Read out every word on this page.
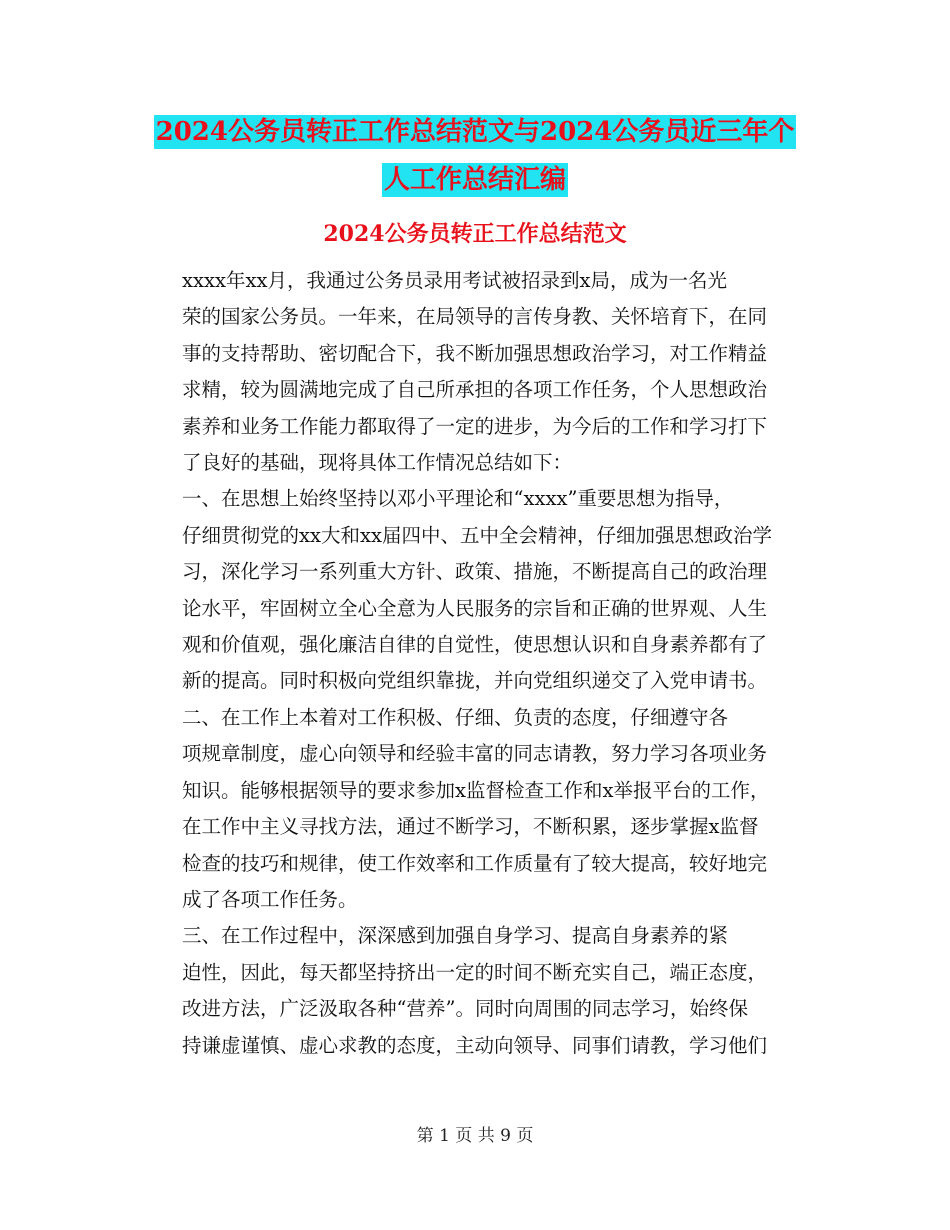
2024公务员转正工作总结范文与2024公务员近三年个
人工作总结汇编
2024公务员转正工作总结范文

xxxx年xx月，我通过公务员录用考试被招录到x局，成为一名光
荣的国家公务员。一年来，在局领导的言传身教、关怀培育下，在同
事的支持帮助、密切配合下，我不断加强思想政治学习，对工作精益
求精，较为圆满地完成了自己所承担的各项工作任务，个人思想政治
素养和业务工作能力都取得了一定的进步，为今后的工作和学习打下
了良好的基础，现将具体工作情况总结如下：

一、在思想上始终坚持以邓小平理论和“xxxx”重要思想为指导，
仔细贯彻党的xx大和xx届四中、五中全会精神，仔细加强思想政治学
习，深化学习一系列重大方针、政策、措施，不断提高自己的政治理
论水平，牢固树立全心全意为人民服务的宗旨和正确的世界观、人生
观和价值观，强化廉洁自律的自觉性，使思想认识和自身素养都有了
新的提高。同时积极向党组织靠拢，并向党组织递交了入党申请书。

二、在工作上本着对工作积极、仔细、负责的态度，仔细遵守各
项规章制度，虚心向领导和经验丰富的同志请教，努力学习各项业务
知识。能够根据领导的要求参加x监督检查工作和x举报平台的工作，
在工作中主义寻找方法，通过不断学习，不断积累，逐步掌握x监督
检查的技巧和规律，使工作效率和工作质量有了较大提高，较好地完
成了各项工作任务。

三、在工作过程中，深深感到加强自身学习、提高自身素养的紧
迫性，因此，每天都坚持挤出一定的时间不断充实自己，端正态度，
改进方法，广泛汲取各种“营养”。同时向周围的同志学习，始终保
持谦虚谨慎、虚心求教的态度，主动向领导、同事们请教，学习他们

第 1 页 共 9 页
